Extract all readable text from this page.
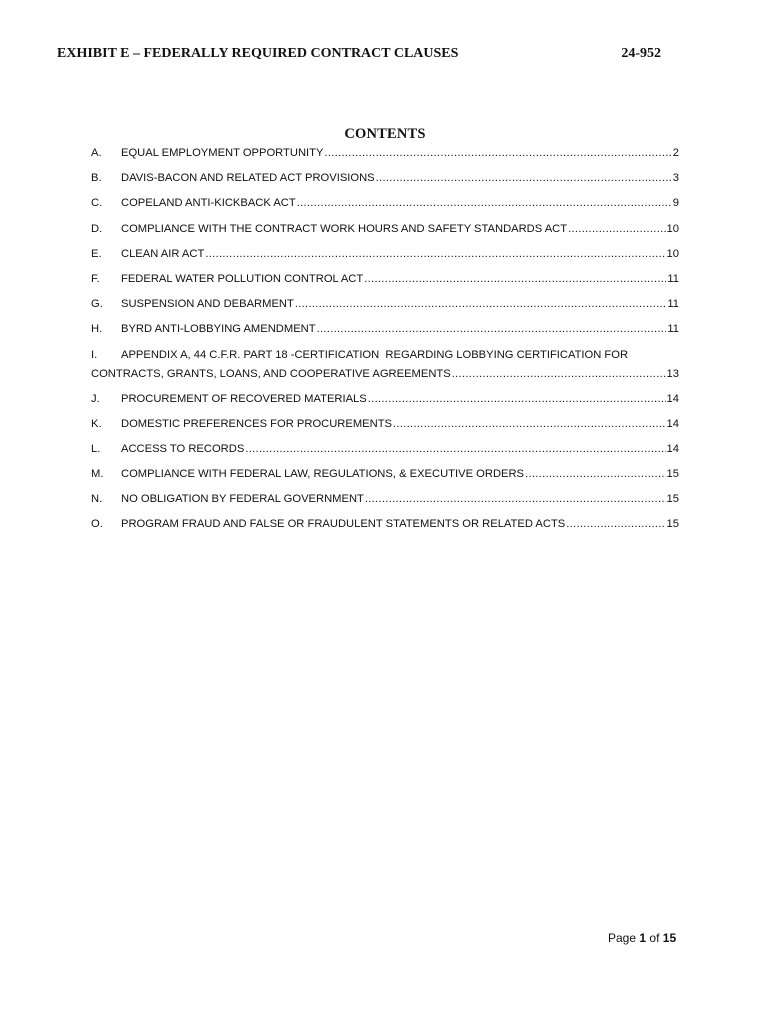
EXHIBIT E – FEDERALLY REQUIRED CONTRACT CLAUSES	24-952
CONTENTS
A.	EQUAL EMPLOYMENT OPPORTUNITY .....	2
B.	DAVIS-BACON AND RELATED ACT PROVISIONS .....	3
C.	COPELAND ANTI-KICKBACK ACT .....	9
D.	COMPLIANCE WITH THE CONTRACT WORK HOURS AND SAFETY STANDARDS ACT .....	10
E.	CLEAN AIR ACT .....	10
F.	FEDERAL WATER POLLUTION CONTROL ACT .....	11
G.	SUSPENSION AND DEBARMENT .....	11
H.	BYRD ANTI-LOBBYING AMENDMENT .....	11
I.	APPENDIX A, 44 C.F.R. PART 18 -CERTIFICATION  REGARDING LOBBYING CERTIFICATION FOR
CONTRACTS, GRANTS, LOANS, AND COOPERATIVE AGREEMENTS .....	13
J.	PROCUREMENT OF RECOVERED MATERIALS .....	14
K.	DOMESTIC PREFERENCES FOR PROCUREMENTS .....	14
L.	ACCESS TO RECORDS .....	14
M.	COMPLIANCE WITH FEDERAL LAW, REGULATIONS, & EXECUTIVE ORDERS .....	15
N.	NO OBLIGATION BY FEDERAL GOVERNMENT .....	15
O.	PROGRAM FRAUD AND FALSE OR FRAUDULENT STATEMENTS OR RELATED ACTS .....	15
Page 1 of 15
